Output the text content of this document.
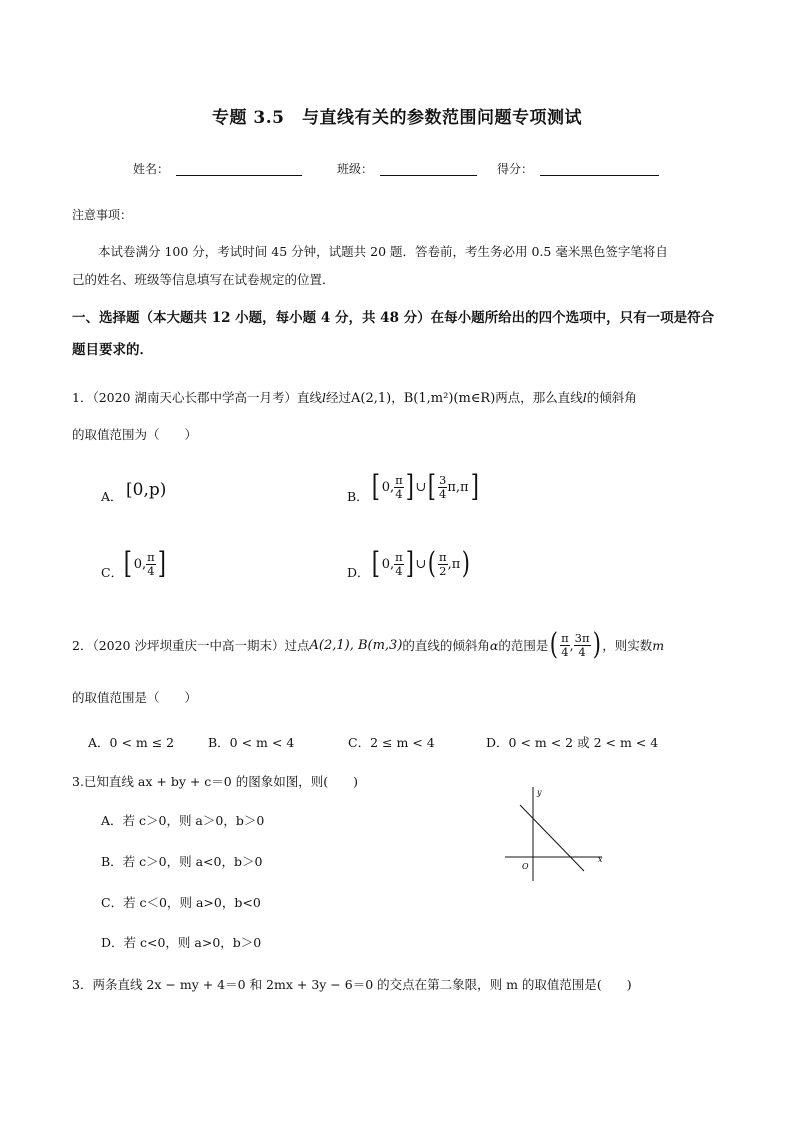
专题 3.5　与直线有关的参数范围问题专项测试
姓名：	班级：	得分：
注意事项：
本试卷满分 100 分，考试时间 45 分钟，试题共 20 题．答卷前，考生务必用 0.5 毫米黑色签字笔将自
己的姓名、班级等信息填写在试卷规定的位置．
一、选择题（本大题共 12 小题，每小题 4 分，共 48 分）在每小题所给出的四个选项中，只有一项是符合
题目要求的．
1．（2020 湖南天心长郡中学高一月考）直线l经过A(2,1)，B(1,m²)(m∈R)两点，那么直线l的倾斜角
的取值范围为（　　）
A． [0,p)	B． [ 0, $\frac{\pi}{4}$ ] ∪ [ $\frac{3}{4} \pi,\pi$ ]
C． [ 0, $\frac{\pi}{4}$ ]	D． [ 0, $\frac{\pi}{4}$ ] ∪ ( $\frac{\pi}{2} ,\pi$ )
2．（2020 沙坪坝重庆一中高一期末）过点 A(2,1), B(m,3) 的直线的倾斜角 α 的范围是 ( $\frac{\pi}{4}$ , $\frac{3\pi}{4}$ ) ，则实数 m
的取值范围是（　　）
A．0 < m ≤ 2	B．0 < m < 4	C．2 ≤ m < 4	D．0 < m < 2 或 2 < m < 4
3.已知直线 ax + by + c＝0 的图象如图，则(　　)
A．若 c＞0，则 a＞0，b＞0
B．若 c＞0，则 a<0，b＞0
C．若 c＜0，则 a>0，b<0
D．若 c<0，则 a>0，b＞0
y
x
O
3．两条直线 2x − my + 4＝0 和 2mx + 3y − 6＝0 的交点在第二象限，则 m 的取值范围是(　　)
